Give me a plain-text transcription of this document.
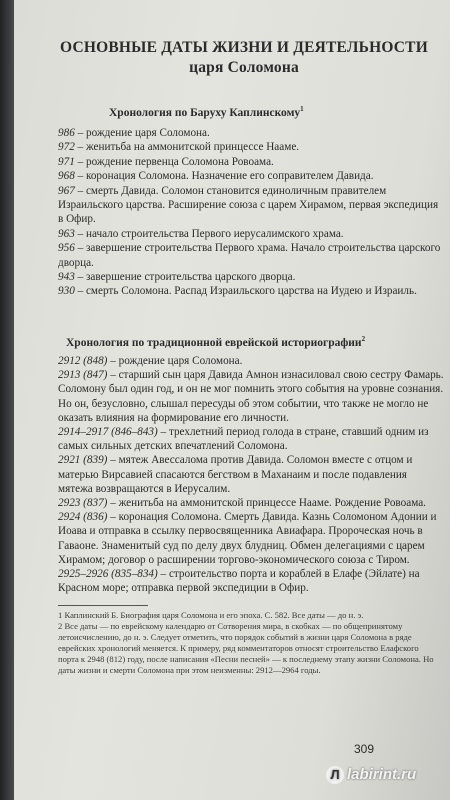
ОСНОВНЫЕ ДАТЫ ЖИЗНИ И ДЕЯТЕЛЬНОСТИ
царя Соломона
Хронология по Баруху Каплинскому$^1$
986 – рождение царя Соломона.
972 – женитьба на аммонитской принцессе Нааме.
971 – рождение первенца Соломона Ровоама.
968 – коронация Соломона. Назначение его соправителем Давида.
967 – смерть Давида. Соломон становится единоличным правителем Израильского царства. Расширение союза с царем Хирамом, первая экспедиция в Офир.
963 – начало строительства Первого иерусалимского храма.
956 – завершение строительства Первого храма. Начало строительства царского дворца.
943 – завершение строительства царского дворца.
930 – смерть Соломона. Распад Израильского царства на Иудею и Израиль.
Хронология по традиционной еврейской историографии$^2$
2912 (848) – рождение царя Соломона.
2913 (847) – старший сын царя Давида Амнон изнасиловал свою сестру Фамарь. Соломону был один год, и он не мог помнить этого события на уровне сознания. Но он, безусловно, слышал пересуды об этом событии, что также не могло не оказать влияния на формирование его личности.
2914–2917 (846–843) – трехлетний период голода в стране, ставший одним из самых сильных детских впечатлений Соломона.
2921 (839) – мятеж Авессалома против Давида. Соломон вместе с отцом и матерью Вирсавией спасаются бегством в Маханаим и после подавления мятежа возвращаются в Иерусалим.
2923 (837) – женитьба на аммонитской принцессе Нааме. Рождение Ровоама.
2924 (836) – коронация Соломона. Смерть Давида. Казнь Соломоном Адонии и Иоава и отправка в ссылку первосвященника Авиафара. Пророческая ночь в Гаваоне. Знаменитый суд по делу двух блудниц. Обмен делегациями с царем Хирамом; договор о расширении торгово-экономического союза с Тиром.
2925–2926 (835–834) – строительство порта и кораблей в Елафе (Эйлате) на Красном море; отправка первой экспедиции в Офир.

1 Каплинский Б. Биография царя Соломона и его эпоха. С. 582. Все даты — до н. э.

2 Все даты — по еврейскому календарю от Сотворения мира, в скобках — по общепринятому летоисчислению, до н. э. Следует отметить, что порядок событий в жизни царя Соломона в ряде еврейских хронологий меняется. К примеру, ряд комментаторов относят строительство Елафского порта к 2948 (812) году, после написания «Песни песней» — к последнему этапу жизни Соломона. Но даты жизни и смерти Соломона при этом неизменны: 2912—2964 годы.

309
Л labirint.ru
